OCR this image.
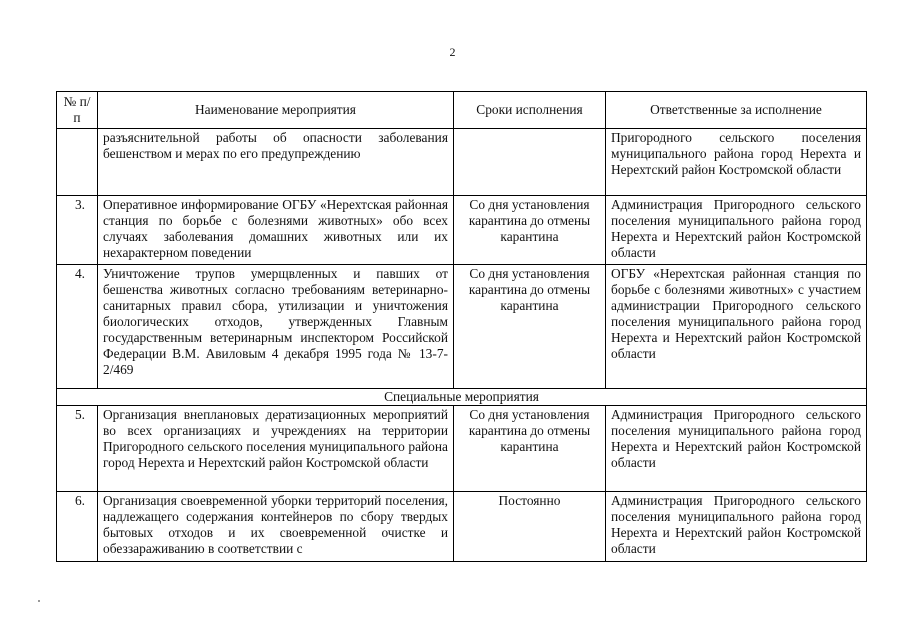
2
№ п/п	Наименование мероприятия	Сроки исполнения	Ответственные за исполнение
	разъяснительной работы об опасности заболевания бешенством и мерах по его предупреждению		Пригородного сельского поселения муниципального района город Нерехта и Нерехтский район Костромской области
3.	Оперативное информирование ОГБУ «Нерехтская районная станция по борьбе с болезнями животных» обо всех случаях заболевания домашних животных или их нехарактерном поведении	Со дня установления карантина до отмены карантина	Администрация Пригородного сельского поселения муниципального района город Нерехта и Нерехтский район Костромской области
4.	Уничтожение трупов умерщвленных и павших от бешенства животных согласно требованиям ветеринарно-санитарных правил сбора, утилизации и уничтожения биологических отходов, утвержденных Главным государственным ветеринарным инспектором Российской Федерации В.М. Авиловым 4 декабря 1995 года № 13-7-2/469	Со дня установления карантина до отмены карантина	ОГБУ «Нерехтская районная станция по борьбе с болезнями животных» с участием администрации Пригородного сельского поселения муниципального района город Нерехта и Нерехтский район Костромской области
Специальные мероприятия			
5.	Организация внеплановых дератизационных мероприятий во всех организациях и учреждениях на территории Пригородного сельского поселения муниципального района город Нерехта и Нерехтский район Костромской области	Со дня установления карантина до отмены карантина	Администрация Пригородного сельского поселения муниципального района город Нерехта и Нерехтский район Костромской области
6.	Организация своевременной уборки территорий поселения, надлежащего содержания контейнеров по сбору твердых бытовых отходов и их своевременной очистке и обеззараживанию в соответствии с	Постоянно	Администрация Пригородного сельского поселения муниципального района город Нерехта и Нерехтский район Костромской области
